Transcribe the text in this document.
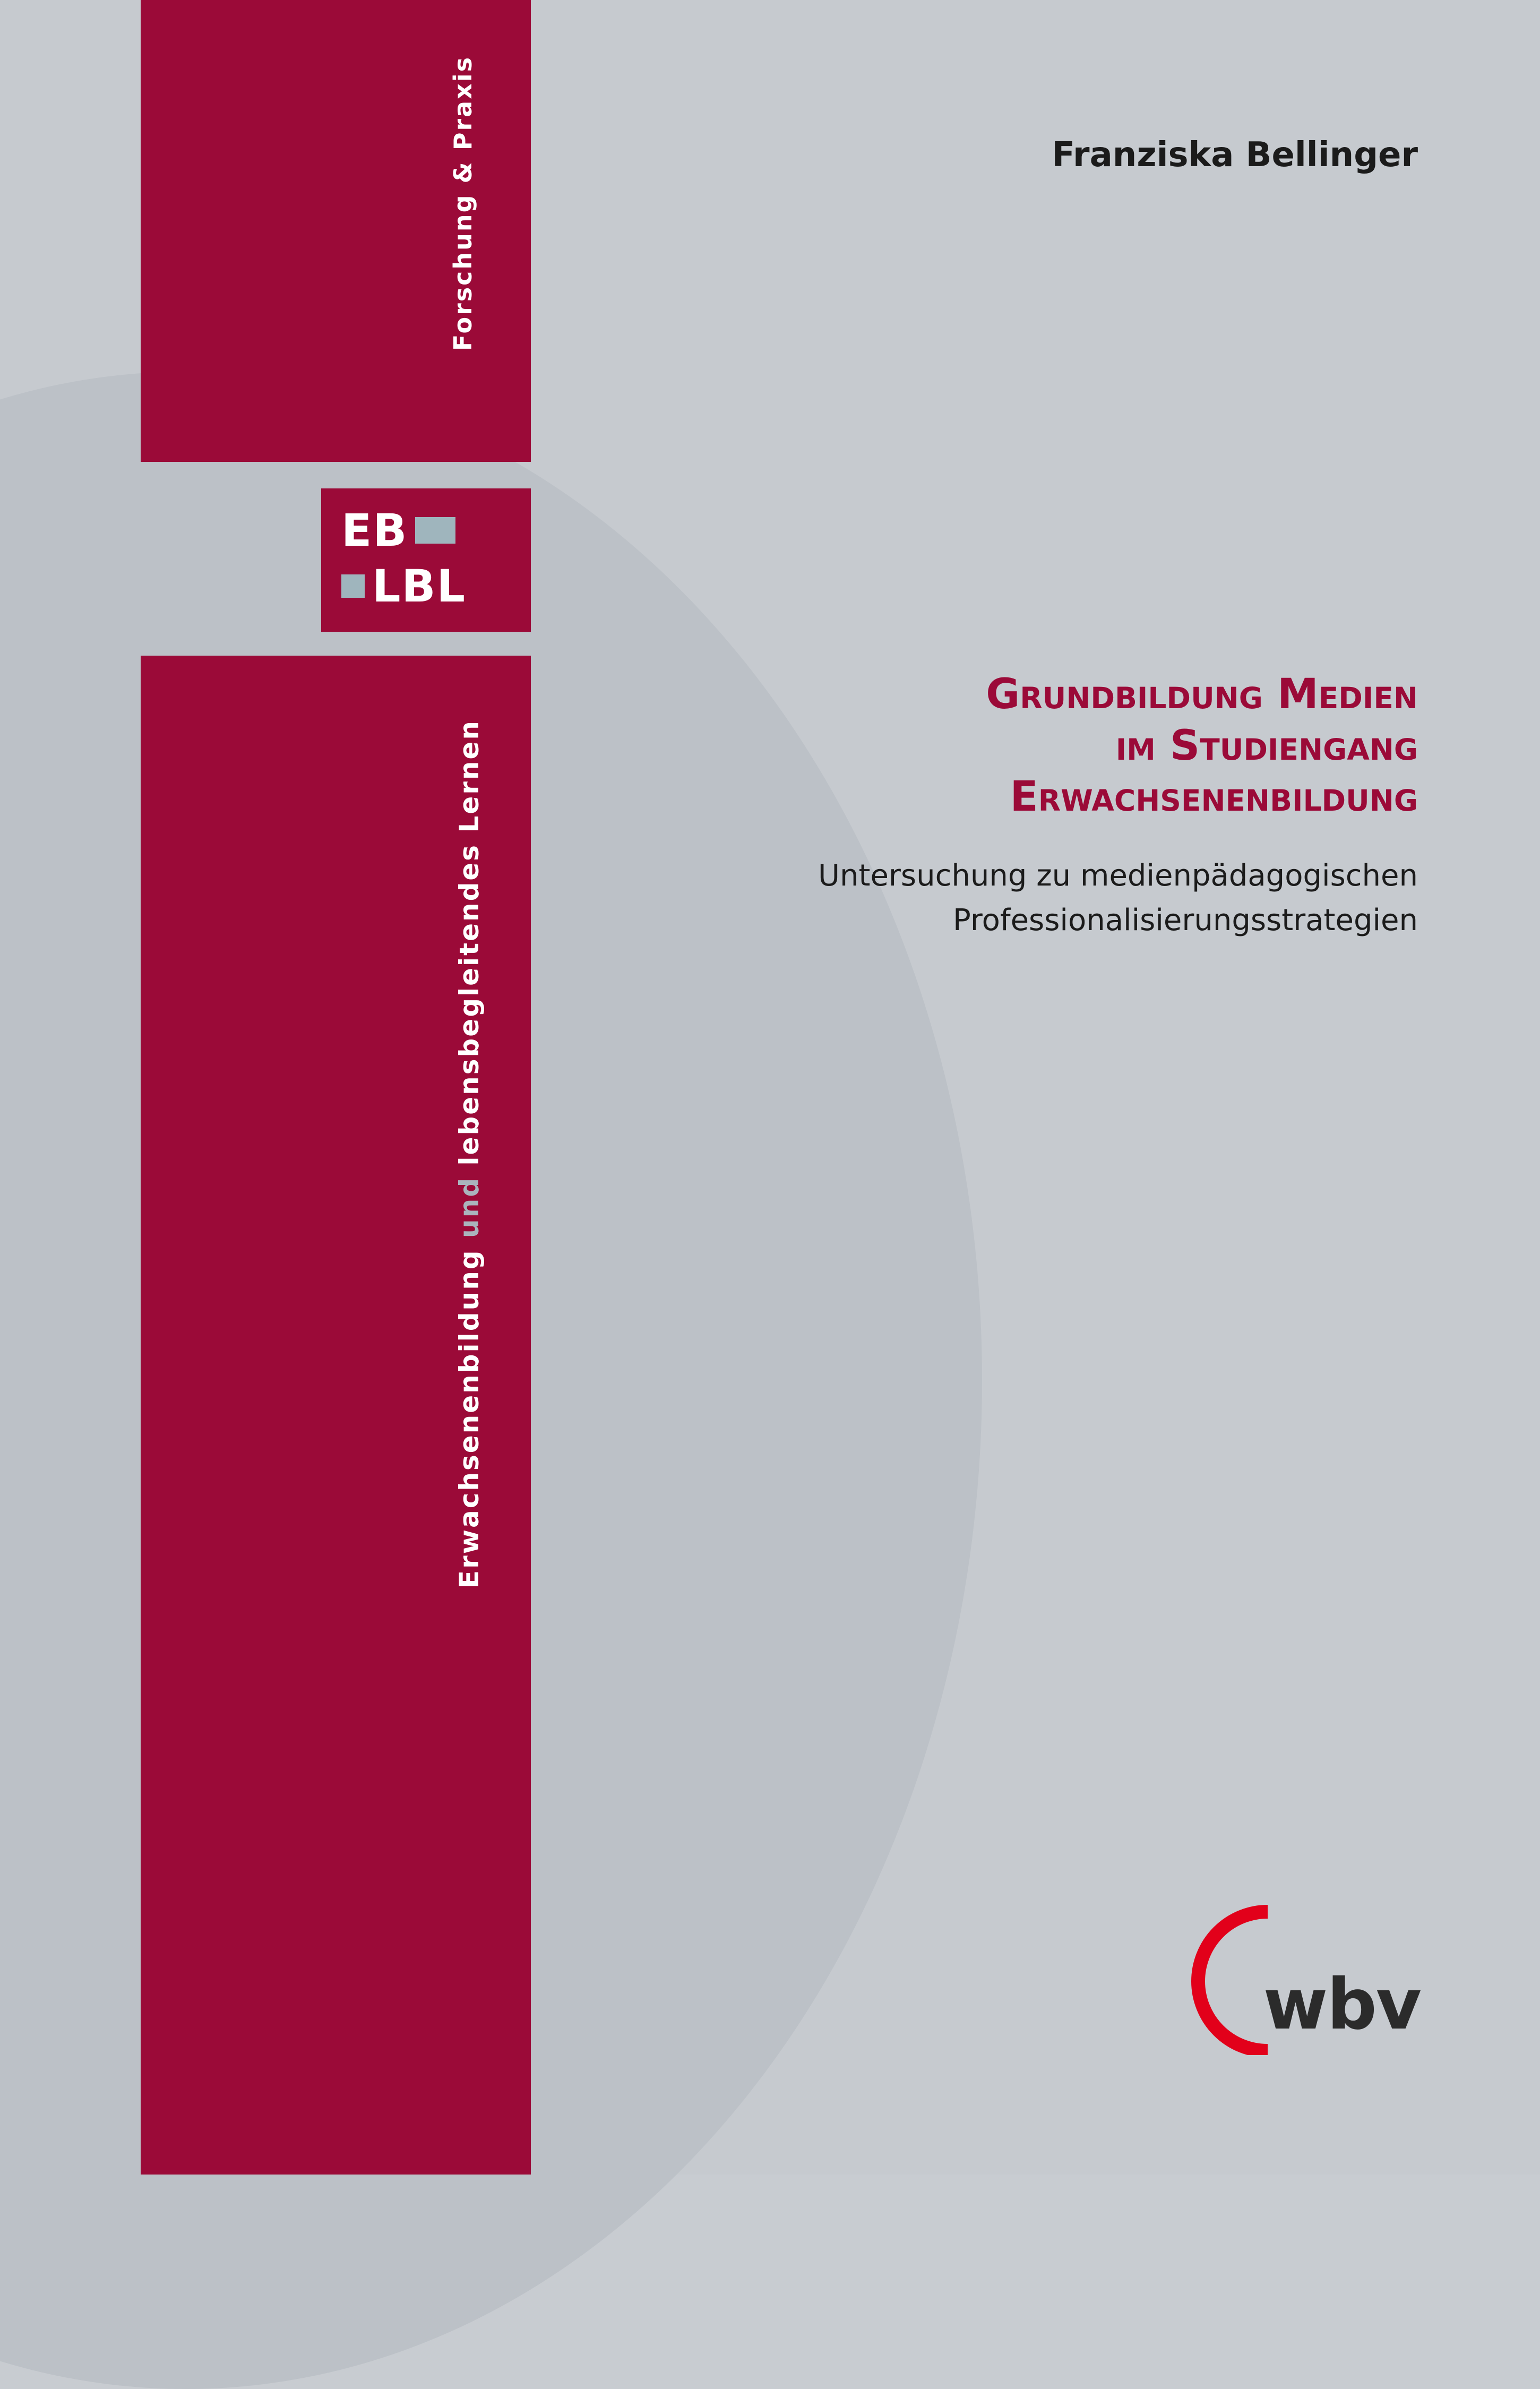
Forschung & Praxis
EB
LBL
Erwachsenenbildung und lebensbegleitendes Lernen
Franziska Bellinger
Grundbildung Medien
im Studiengang
Erwachsenenbildung
Untersuchung zu medienpädagogischen
Professionalisierungsstrategien
wbv
